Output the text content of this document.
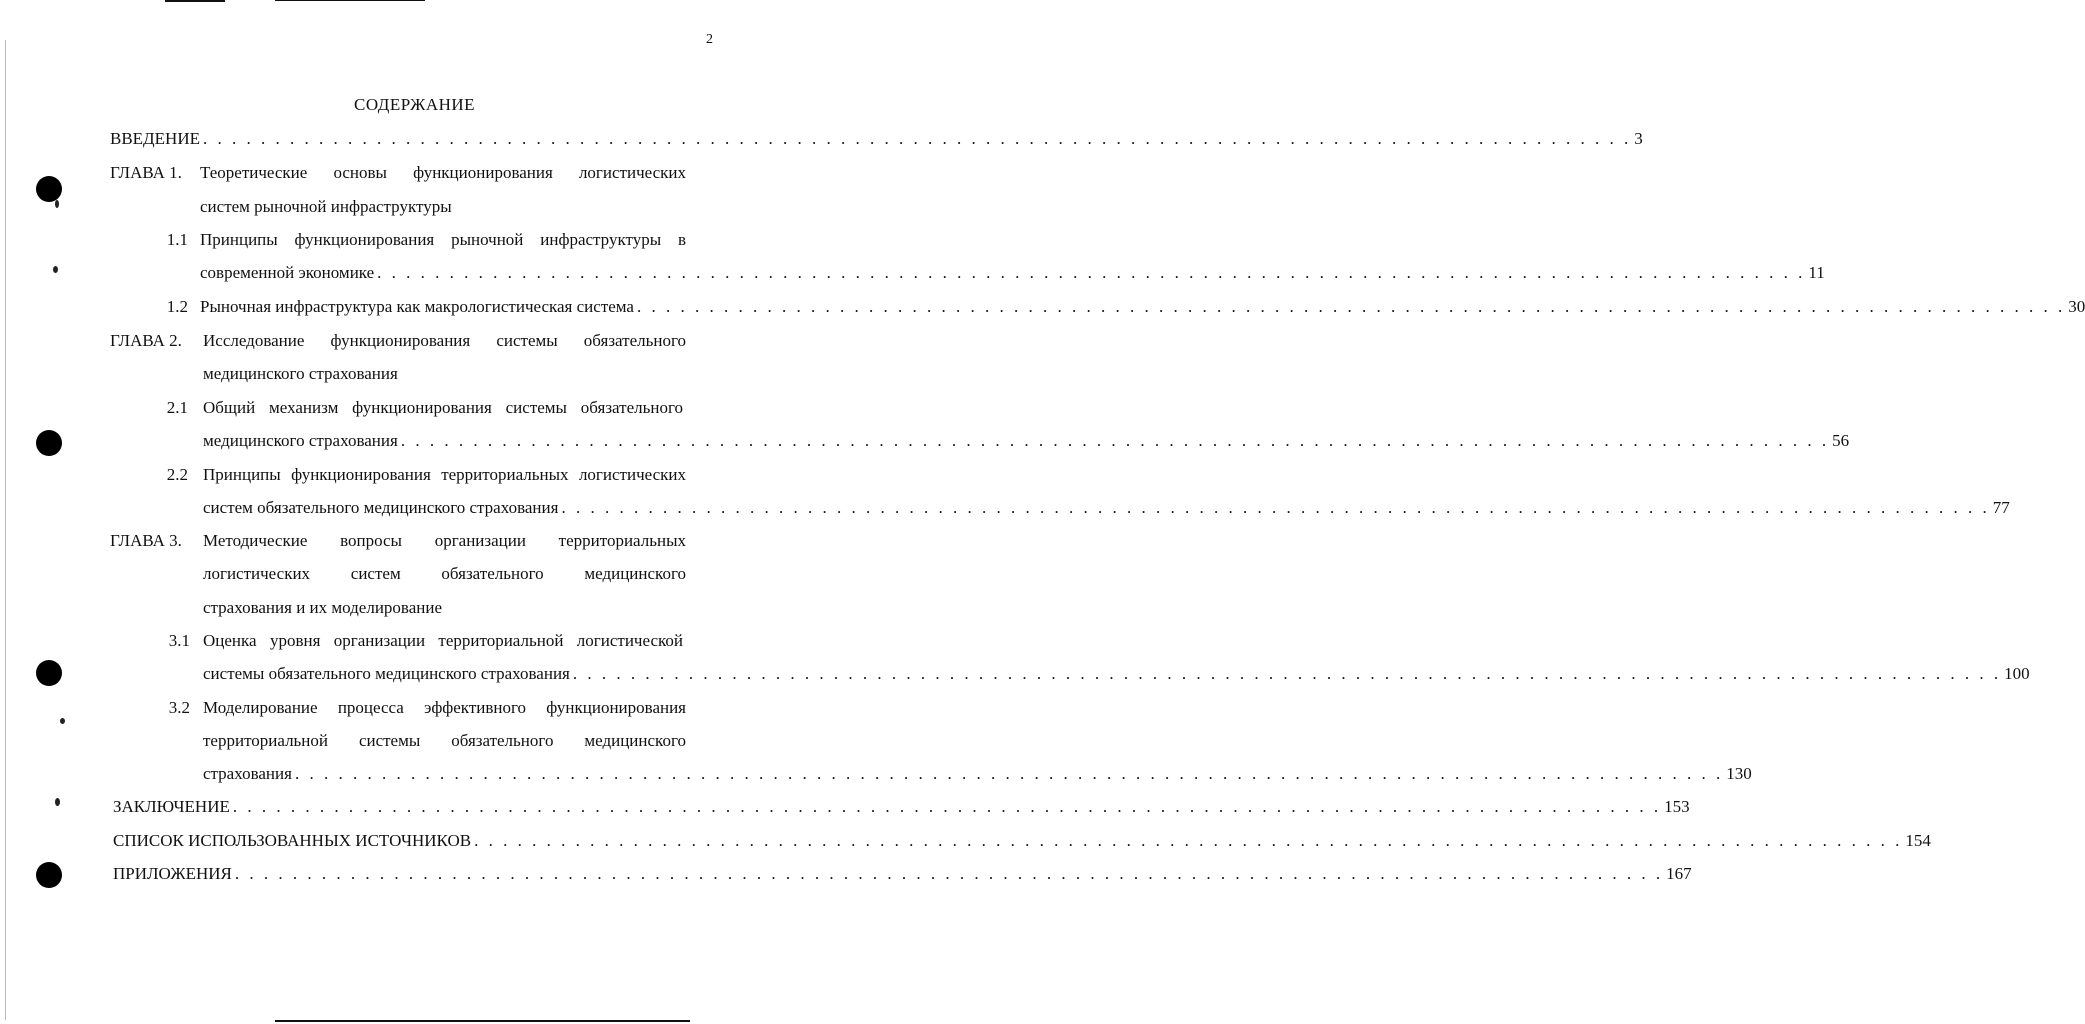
2
СОДЕРЖАНИЕ
ВВЕДЕНИЕ . . . . . . . . . . . . . . . . . . . . . . . . . . . . . . . . . . . . . . . . . . . . . . . . . . . . . . . . . . . . . . . . . . . . . . . . . . . . . . . . . . . . . . . . . . . . . . . . . . . 3
ГЛАВА 1. Теоретические основы функционирования логистических
систем рыночной инфраструктуры
1.1 Принципы функционирования рыночной инфраструктуры в
современной экономике . . . . . . . . . . . . . . . . . . . . . . . . . . . . . . . . . . . . . . . . . . . . . . . . . . . . . . . . . . . . . . . . . . . . . . . . . . . . . . . . . . . . . . . . . . . . . . . . . . . 11
1.2 Рыночная инфраструктура как макрологистическая система . . . . . . . . . . . . . . . . . . . . . . . . . . . . . . . . . . . . . . . . . . . . . . . . . . . . . . . . . . . . . . . . . . . . . . . . . . . . . . . . . . . . . . . . . . . . . . . . . . . 30
ГЛАВА 2. Исследование функционирования системы обязательного
медицинского страхования
2.1 Общий механизм функционирования системы обязательного
медицинского страхования . . . . . . . . . . . . . . . . . . . . . . . . . . . . . . . . . . . . . . . . . . . . . . . . . . . . . . . . . . . . . . . . . . . . . . . . . . . . . . . . . . . . . . . . . . . . . . . . . . . 56
2.2 Принципы функционирования территориальных логистических
систем обязательного медицинского страхования . . . . . . . . . . . . . . . . . . . . . . . . . . . . . . . . . . . . . . . . . . . . . . . . . . . . . . . . . . . . . . . . . . . . . . . . . . . . . . . . . . . . . . . . . . . . . . . . . . . 77
ГЛАВА 3. Методические вопросы организации территориальных
логистических систем обязательного медицинского
страхования и их моделирование
3.1 Оценка уровня организации территориальной логистической
системы обязательного медицинского страхования . . . . . . . . . . . . . . . . . . . . . . . . . . . . . . . . . . . . . . . . . . . . . . . . . . . . . . . . . . . . . . . . . . . . . . . . . . . . . . . . . . . . . . . . . . . . . . . . . . . 100
3.2 Моделирование процесса эффективного функционирования
территориальной системы обязательного медицинского
страхования . . . . . . . . . . . . . . . . . . . . . . . . . . . . . . . . . . . . . . . . . . . . . . . . . . . . . . . . . . . . . . . . . . . . . . . . . . . . . . . . . . . . . . . . . . . . . . . . . . . 130
ЗАКЛЮЧЕНИЕ . . . . . . . . . . . . . . . . . . . . . . . . . . . . . . . . . . . . . . . . . . . . . . . . . . . . . . . . . . . . . . . . . . . . . . . . . . . . . . . . . . . . . . . . . . . . . . . . . . . 153
СПИСОК ИСПОЛЬЗОВАННЫХ ИСТОЧНИКОВ . . . . . . . . . . . . . . . . . . . . . . . . . . . . . . . . . . . . . . . . . . . . . . . . . . . . . . . . . . . . . . . . . . . . . . . . . . . . . . . . . . . . . . . . . . . . . . . . . . . 154
ПРИЛОЖЕНИЯ . . . . . . . . . . . . . . . . . . . . . . . . . . . . . . . . . . . . . . . . . . . . . . . . . . . . . . . . . . . . . . . . . . . . . . . . . . . . . . . . . . . . . . . . . . . . . . . . . . . 167
